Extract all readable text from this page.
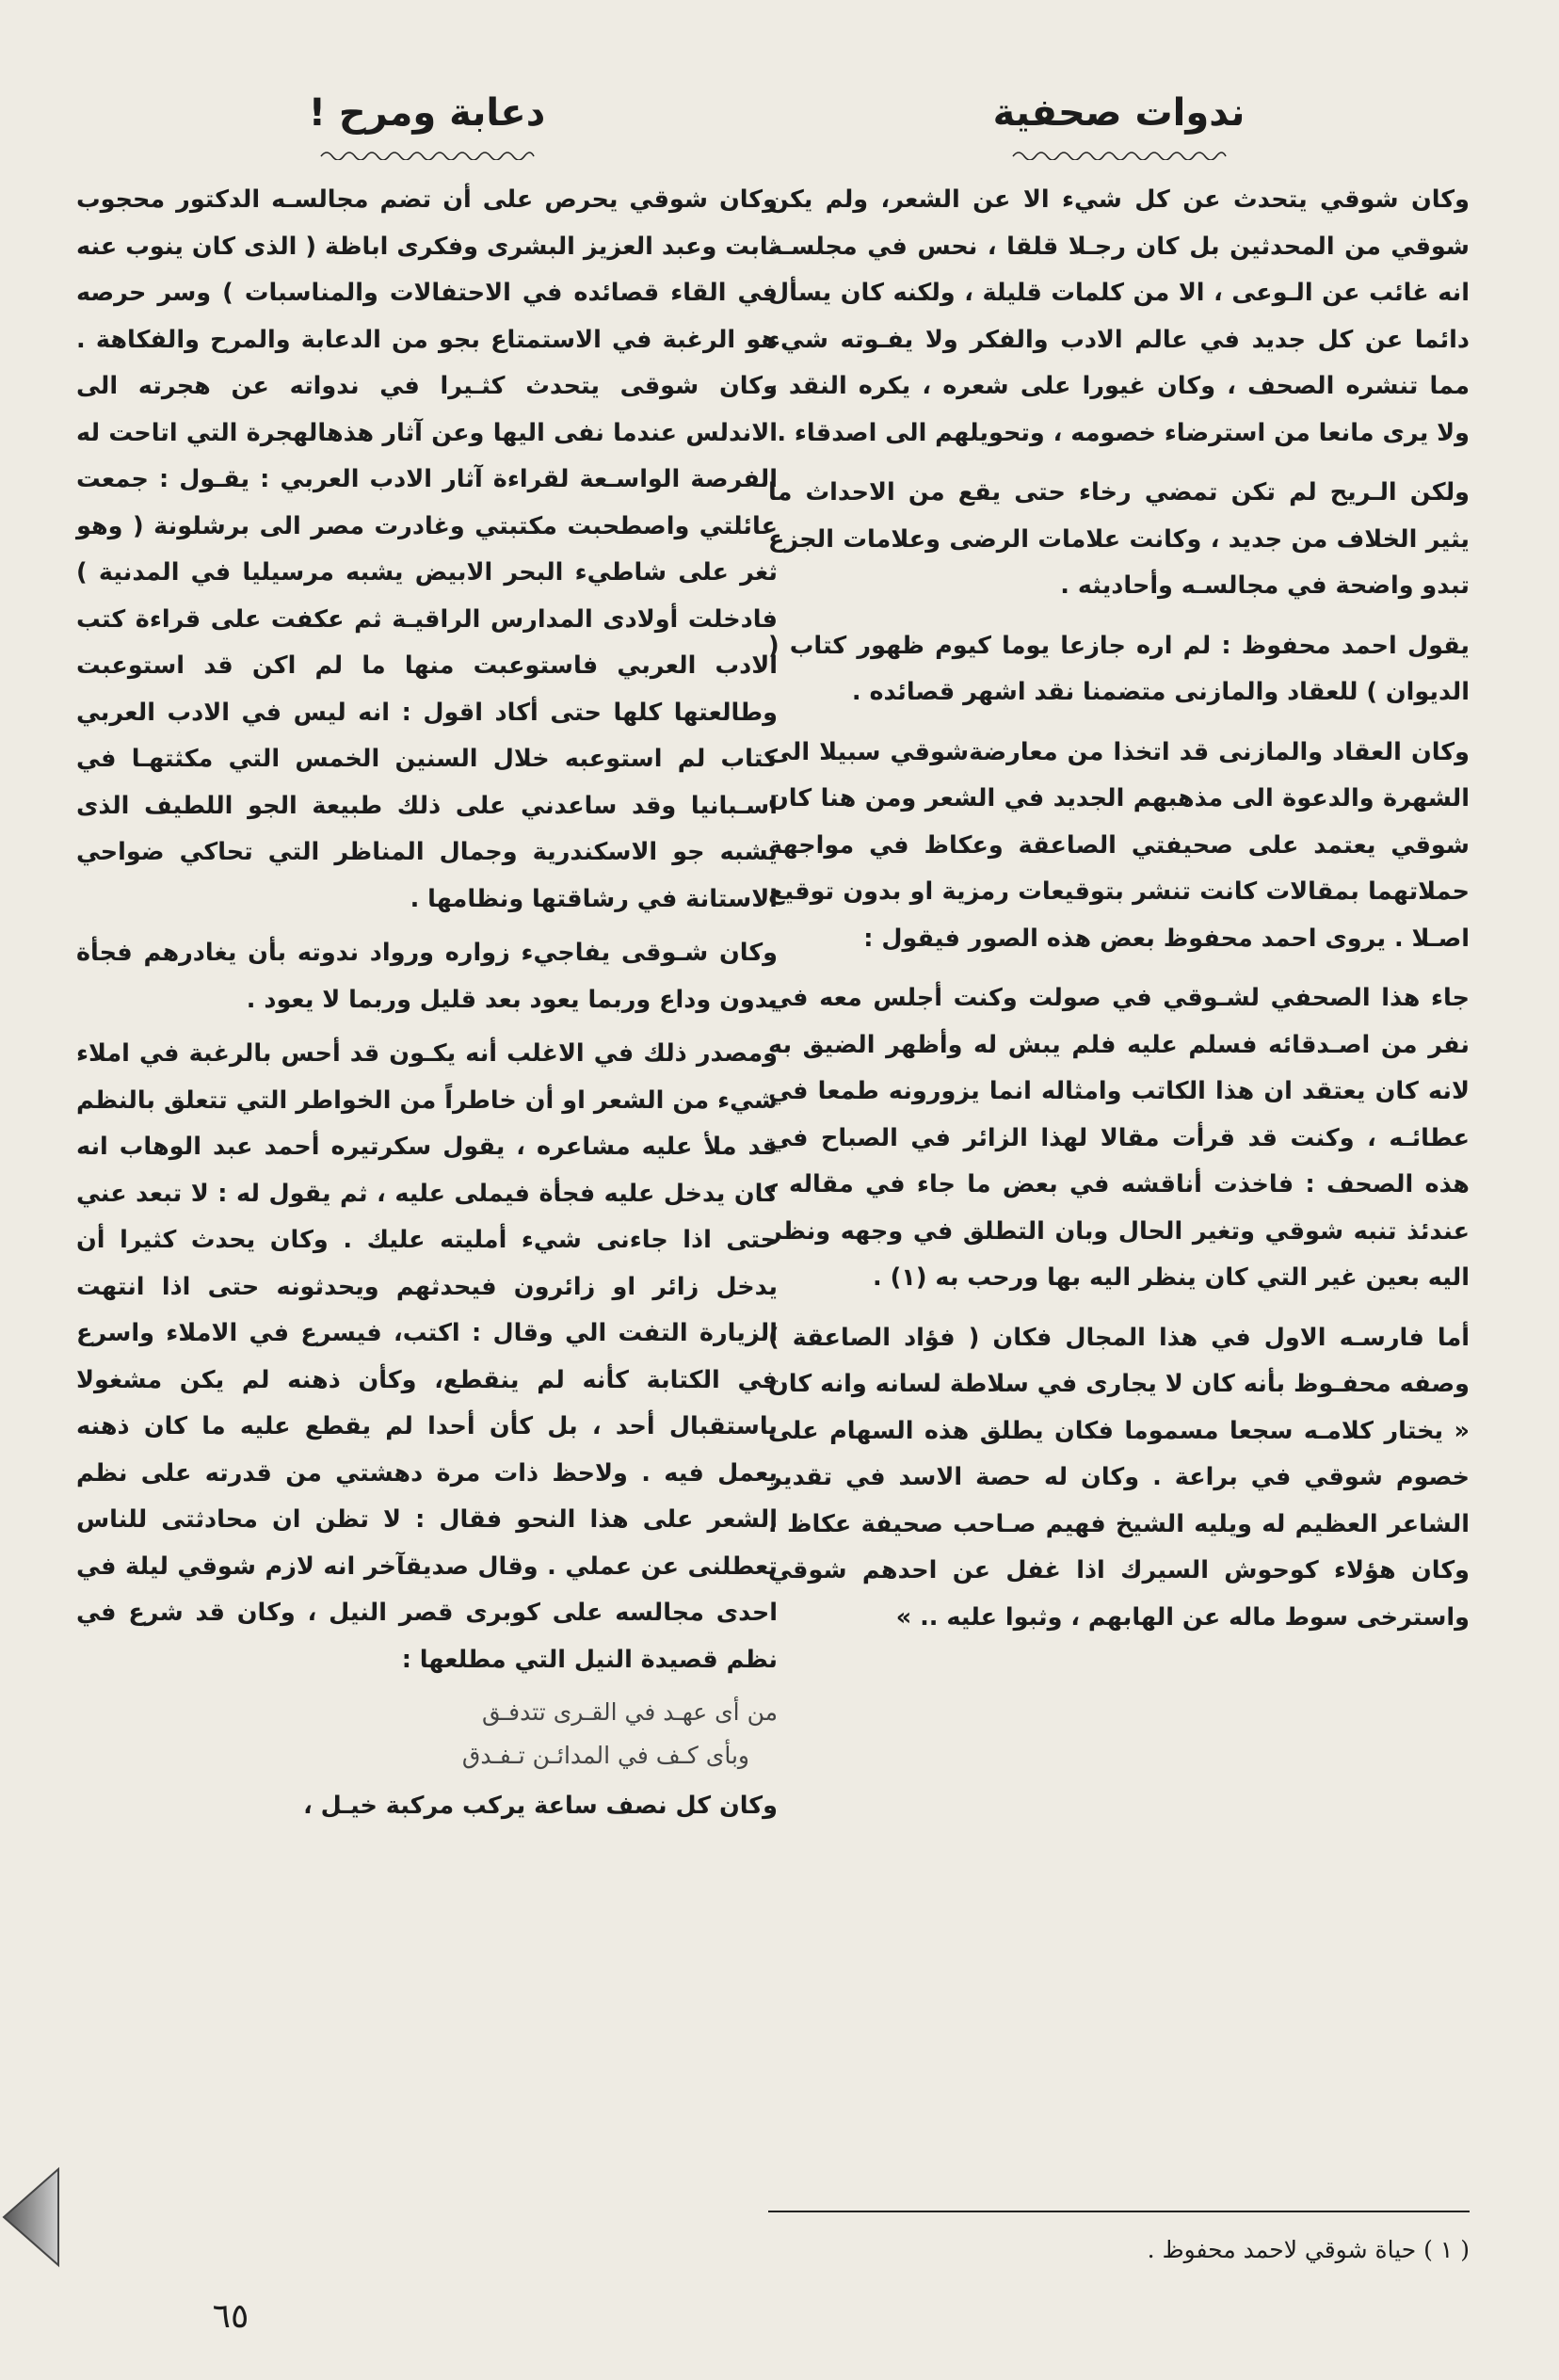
ندوات صحفية

وكان شوقي يتحدث عن كل شيء الا عن الشعر، ولم يكن شوقي من المحدثين بل كان رجـلا قلقا ، نحس في مجلسـه انه غائب عن الـوعى ، الا من كلمات قليلة ، ولكنه كان يسأل دائما عن كل جديد في عالم الادب والفكر ولا يفـوته شيء مما تنشره الصحف ، وكان غيورا على شعره ، يكره النقد ، ولا يرى مانعا من استرضاء خصومه ، وتحويلهم الى اصدقاء .

ولكن الـريح لم تكن تمضي رخاء حتى يقع من الاحداث ما يثير الخلاف من جديد ، وكانت علامات الرضى وعلامات الجزع تبدو واضحة في مجالسـه وأحاديثه .

يقول احمد محفوظ : لم اره جازعا يوما كيوم ظهور كتاب ( الديوان ) للعقاد والمازنى متضمنا نقد اشهر قصائده .

وكان العقاد والمازنى قد اتخذا من معارضةشوقي سبيلا الى الشهرة والدعوة الى مذهبهم الجديد في الشعر ومن هنا كان شوقي يعتمد على صحيفتي الصاعقة وعكاظ في مواجهة حملاتهما بمقالات كانت تنشر بتوقيعات رمزية او بدون توقيع اصـلا . يروى احمد محفوظ بعض هذه الصور فيقول :

جاء هذا الصحفي لشـوقي في صولت وكنت أجلس معه في نفر من اصـدقائه فسلم عليه فلم يبش له وأظهر الضيق به لانه كان يعتقد ان هذا الكاتب وامثاله انما يزورونه طمعا في عطائـه ، وكنت قد قرأت مقالا لهذا الزائر في الصباح في هذه الصحف : فاخذت أناقشه في بعض ما جاء في مقاله ، عندئذ تنبه شوقي وتغير الحال وبان التطلق في وجهه ونظر اليه بعين غير التي كان ينظر اليه بها ورحب به (١) .

أما فارسـه الاول في هذا المجال فكان ( فؤاد الصاعقة ) وصفه محفـوظ بأنه كان لا يجارى في سلاطة لسانه وانه كان « يختار كلامـه سجعا مسموما فكان يطلق هذه السهام على خصوم شوقي في براعة . وكان له حصة الاسد في تقدير الشاعر العظيم له ويليه الشيخ فهيم صـاحب صحيفة عكاظ ، وكان هؤلاء كوحوش السيرك اذا غفل عن احدهم شوقي واسترخى سوط ماله عن الهابهم ، وثبوا عليه .. »

دعابة ومرح !

وكان شوقي يحرص على أن تضم مجالسـه الدكتور محجوب ثابت وعبد العزيز البشرى وفكرى اباظة ( الذى كان ينوب عنه في القاء قصائده في الاحتفالات والمناسبات ) وسر حرصه هو الرغبة في الاستمتاع بجو من الدعابة والمرح والفكاهة . وكان شوقى يتحدث كثـيرا في ندواته عن هجرته الى الاندلس عندما نفى اليها وعن آثار هذهالهجرة التي اتاحت له الفرصة الواسـعة لقراءة آثار الادب العربي : يقـول : جمعت عائلتي واصطحبت مكتبتي وغادرت مصر الى برشلونة ( وهو ثغر على شاطيء البحر الابيض يشبه مرسيليا في المدنية ) فادخلت أولادى المدارس الراقيـة ثم عكفت على قراءة كتب الادب العربي فاستوعبت منها ما لم اكن قد استوعبت وطالعتها كلها حتى أكاد اقول : انه ليس في الادب العربي كتاب لم استوعبه خلال السنين الخمس التي مكثتهـا في اسـبانيا وقد ساعدني على ذلك طبيعة الجو اللطيف الذى يشبه جو الاسكندرية وجمال المناظر التي تحاكي ضواحي الاستانة في رشاقتها ونظامها .

وكان شـوقى يفاجيء زواره ورواد ندوته بأن يغادرهم فجأة بدون وداع وربما يعود بعد قليل وربما لا يعود .

ومصدر ذلك في الاغلب أنه يكـون قد أحس بالرغبة في املاء شيء من الشعر او أن خاطراً من الخواطر التي تتعلق بالنظم قد ملأ عليه مشاعره ، يقول سكرتيره أحمد عبد الوهاب انه كان يدخل عليه فجأة فيملى عليه ، ثم يقول له : لا تبعد عني حتى اذا جاءنى شيء أمليته عليك . وكان يحدث كثيرا أن يدخل زائر او زائرون فيحدثهم ويحدثونه حتى اذا انتهت الزيارة التفت الي وقال : اكتب، فيسرع في الاملاء واسرع في الكتابة كأنه لم ينقطع، وكأن ذهنه لم يكن مشغولا باستقبال أحد ، بل كأن أحدا لم يقطع عليه ما كان ذهنه يعمل فيه . ولاحظ ذات مرة دهشتي من قدرته على نظم الشعر على هذا النحو فقال : لا تظن ان محادثتى للناس تعطلنى عن عملي . وقال صديقآخر انه لازم شوقي ليلة في احدى مجالسه على كوبرى قصر النيل ، وكان قد شرع في نظم قصيدة النيل التي مطلعها :

من أى عهـد في القـرى تتدفـق

وبأى كـف في المدائـن تـفـدق

وكان كل نصف ساعة يركب مركبة خيـل ،

( ١ ) حياة شوقي لاحمد محفوظ .

٦٥
